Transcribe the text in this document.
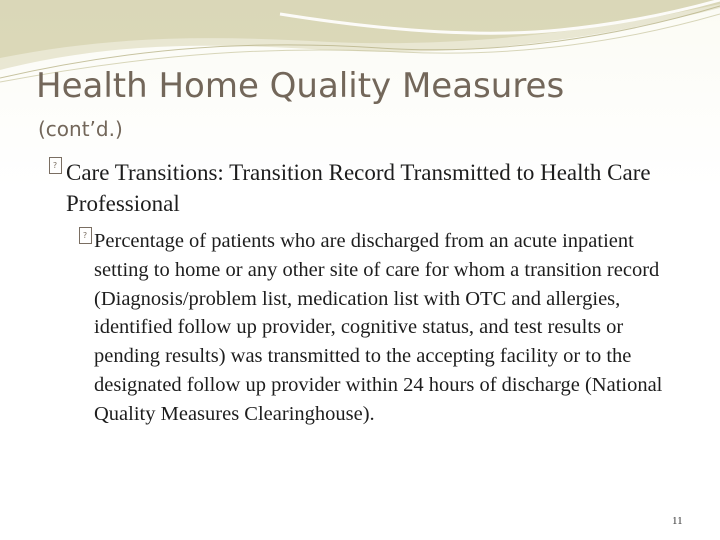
Health Home Quality Measures
(cont’d.)
? Care Transitions: Transition Record Transmitted to Health Care Professional
? Percentage of patients who are discharged from an acute inpatient setting to home or any other site of care for whom a transition record (Diagnosis/problem list, medication list with OTC and allergies, identified follow up provider, cognitive status, and test results or pending results) was transmitted to the accepting facility or to the designated follow up provider within 24 hours of discharge (National Quality Measures Clearinghouse).
11
